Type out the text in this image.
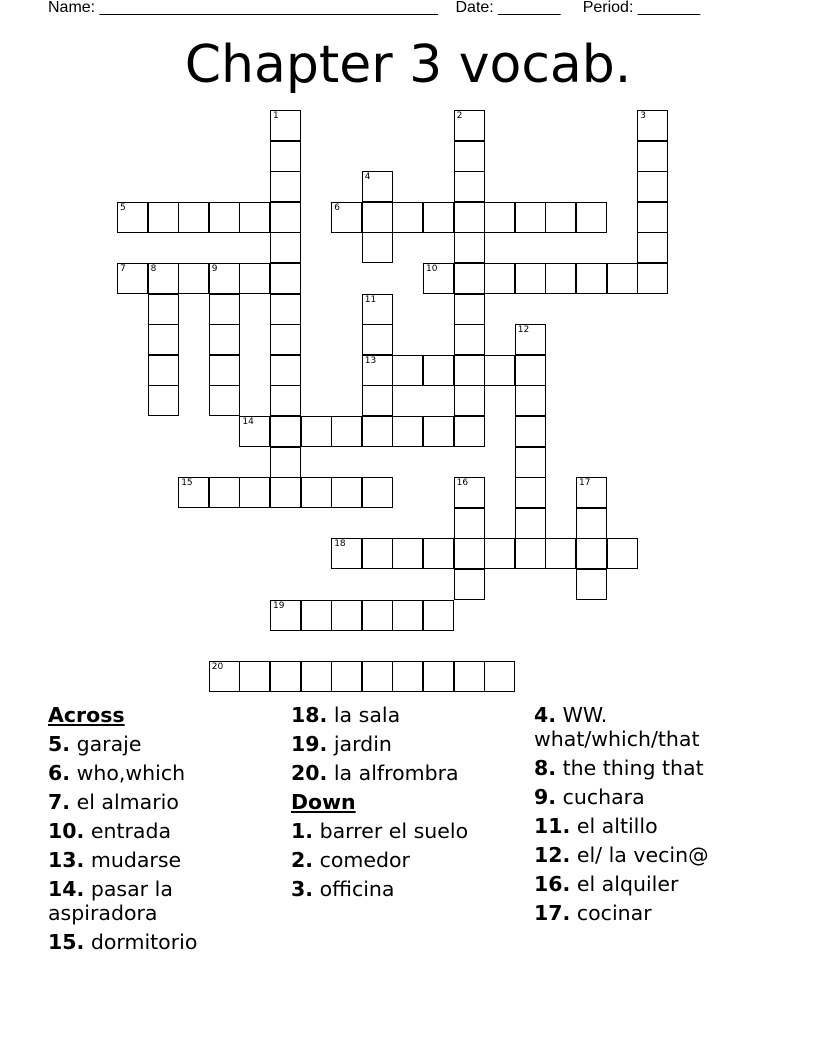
Name: ______________________________________    Date: _______     Period: _______
Chapter 3 vocab.
1	2	3
4
5	6
7	8	9	10
11
13
12
14
15	16	17
18
19
20
Across
5. garaje
6. who,which
7. el almario
10. entrada
13. mudarse
14. pasar la aspiradora
15. dormitorio
18. la sala
19. jardin
20. la alfrombra
Down
1. barrer el suelo
2. comedor
3. officina
4. WW. what/which/that
8. the thing that
9. cuchara
11. el altillo
12. el/ la vecin@
16. el alquiler
17. cocinar
